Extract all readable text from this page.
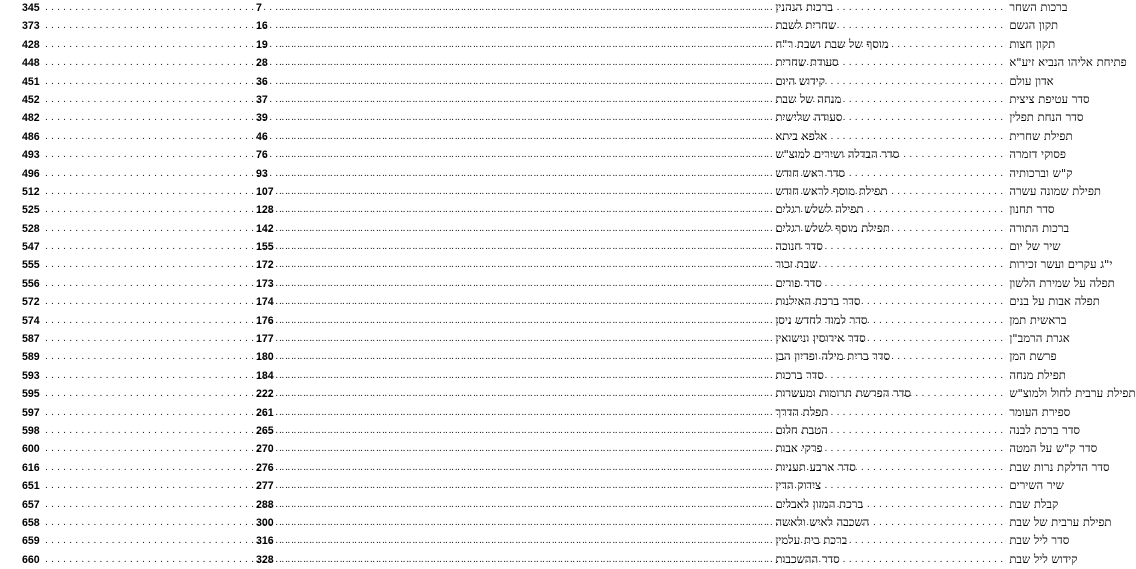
7 .....	ברכות השחר
16 .....	תקון הגשם
19 .....	תקון חצות
28 .....	פתיחת אליהו הנביא זיע"א
36 .....	אדון עולם
37 .....	סדר עטיפת ציצית
39 .....	סדר הנחת תפלין
46 .....	תפילת שחרית
76 .....	פסוקי דזמרה
93 .....	ק"ש וברכותיה
107 .....	תפילת שמונה עשרה
128 .....	סדר תחנון
142 .....	ברכות התורה
155 .....	שיר של יום
172 .....	י"ג עקרים ועשר זכירות
173 .....	תפלה על שמירת הלשון
174 .....	תפלה אבות על בנים
176 .....	בראשית תמן
177 .....	אגרת הרמב"ן
180 .....	פרשת המן
184 .....	תפילת מנחה
222 .....	תפילת ערבית לחול ולמוצ"ש
261 .....	ספירת העומר
265 .....	סדר ברכת לבנה
270 .....	סדר ק"ש על המטה
276 .....	סדר הדלקת נרות שבת
277 .....	שיר השירים
288 .....	קבלת שבת
300 .....	תפילת ערבית של שבת
316 .....	סדר ליל שבת
328 .....	קידוש ליל שבת
345 .....	ברכות הנהנין
373 .....	שחרית לשבת
428 .....	מוסף של שבת ושבת ר"ח
448 .....	סעודת שחרית
451 .....	קידוש היום
452 .....	מנחה של שבת
482 .....	סעודה שלישית
486 .....	אלפא ביתא
493 .....	סדר הבדלה ושירים למוצ"ש
496 .....	סדר ראש חודש
512 .....	תפילת מוסף לראש חודש
525 .....	תפילה לשלש רגלים
528 .....	תפילת מוסף לשלש רגלים
547 .....	סדר חנוכה
555 .....	שבת זכור
556 .....	סדר פורים
572 .....	סדר ברכת האילנות
574 .....	סדר למוד לחדש ניסן
587 .....	סדר אירוסין ונישואין
589 .....	סדר ברית מילה ופדיון הבן
593 .....	סדר ברכות
595 .....	סדר הפרשת תרומות ומעשרות
597 .....	תפלת הדרך
598 .....	הטבת חלום
600 .....	פרקי אבות
616 .....	סדר ארבע תעניות
651 .....	צידוק הדין
657 .....	ברכת המזון לאבלים
658 .....	השכבה לאיש ולאשה
659 .....	ברכת בית עלמין
660 .....	סדר ההשכבות
